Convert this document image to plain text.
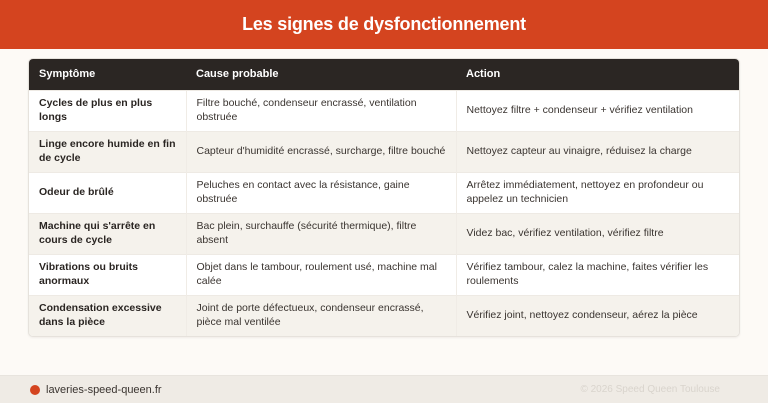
Les signes de dysfonctionnement
Symptôme	Cause probable	Action
Cycles de plus en plus longs	Filtre bouché, condenseur encrassé, ventilation obstruée	Nettoyez filtre + condenseur + vérifiez ventilation
Linge encore humide en fin de cycle	Capteur d'humidité encrassé, surcharge, filtre bouché	Nettoyez capteur au vinaigre, réduisez la charge
Odeur de brûlé	Peluches en contact avec la résistance, gaine obstruée	Arrêtez immédiatement, nettoyez en profondeur ou appelez un technicien
Machine qui s'arrête en cours de cycle	Bac plein, surchauffe (sécurité thermique), filtre absent	Videz bac, vérifiez ventilation, vérifiez filtre
Vibrations ou bruits anormaux	Objet dans le tambour, roulement usé, machine mal calée	Vérifiez tambour, calez la machine, faites vérifier les roulements
Condensation excessive dans la pièce	Joint de porte défectueux, condenseur encrassé, pièce mal ventilée	Vérifiez joint, nettoyez condenseur, aérez la pièce
laveries-speed-queen.fr	© 2026 Speed Queen Toulouse
